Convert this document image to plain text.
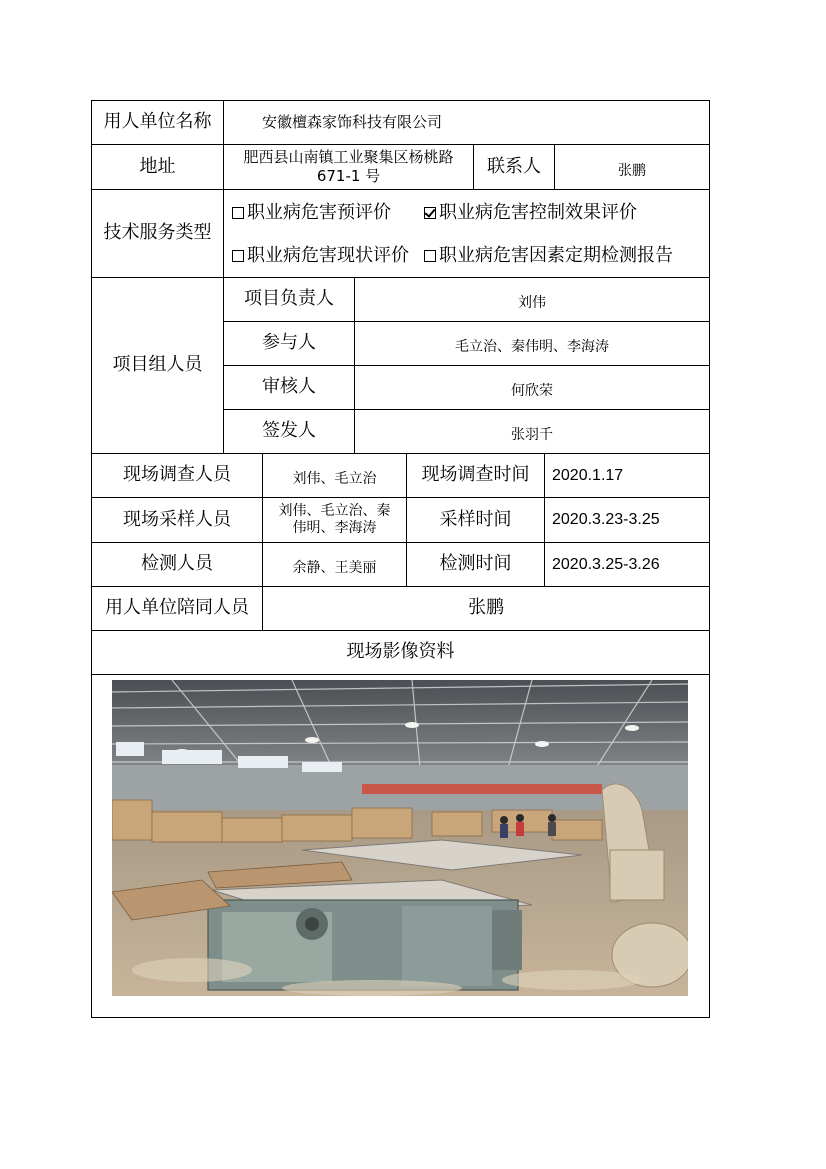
用人单位名称	安徽檀森家饰科技有限公司
地址	肥西县山南镇工业聚集区杨桃路
671-1 号	联系人	张鹏
技术服务类型
职业病危害预评价	职业病危害控制效果评价
职业病危害现状评价	职业病危害因素定期检测报告
项目组人员
项目负责人	刘伟
参与人	毛立治、秦伟明、李海涛
审核人	何欣荣
签发人	张羽千
现场调查人员	刘伟、毛立治	现场调查时间	2020.1.17
现场采样人员	刘伟、毛立治、秦
伟明、李海涛	采样时间	2020.3.23-3.25
检测人员	余静、王美丽	检测时间	2020.3.25-3.26
用人单位陪同人员	张鹏
现场影像资料
